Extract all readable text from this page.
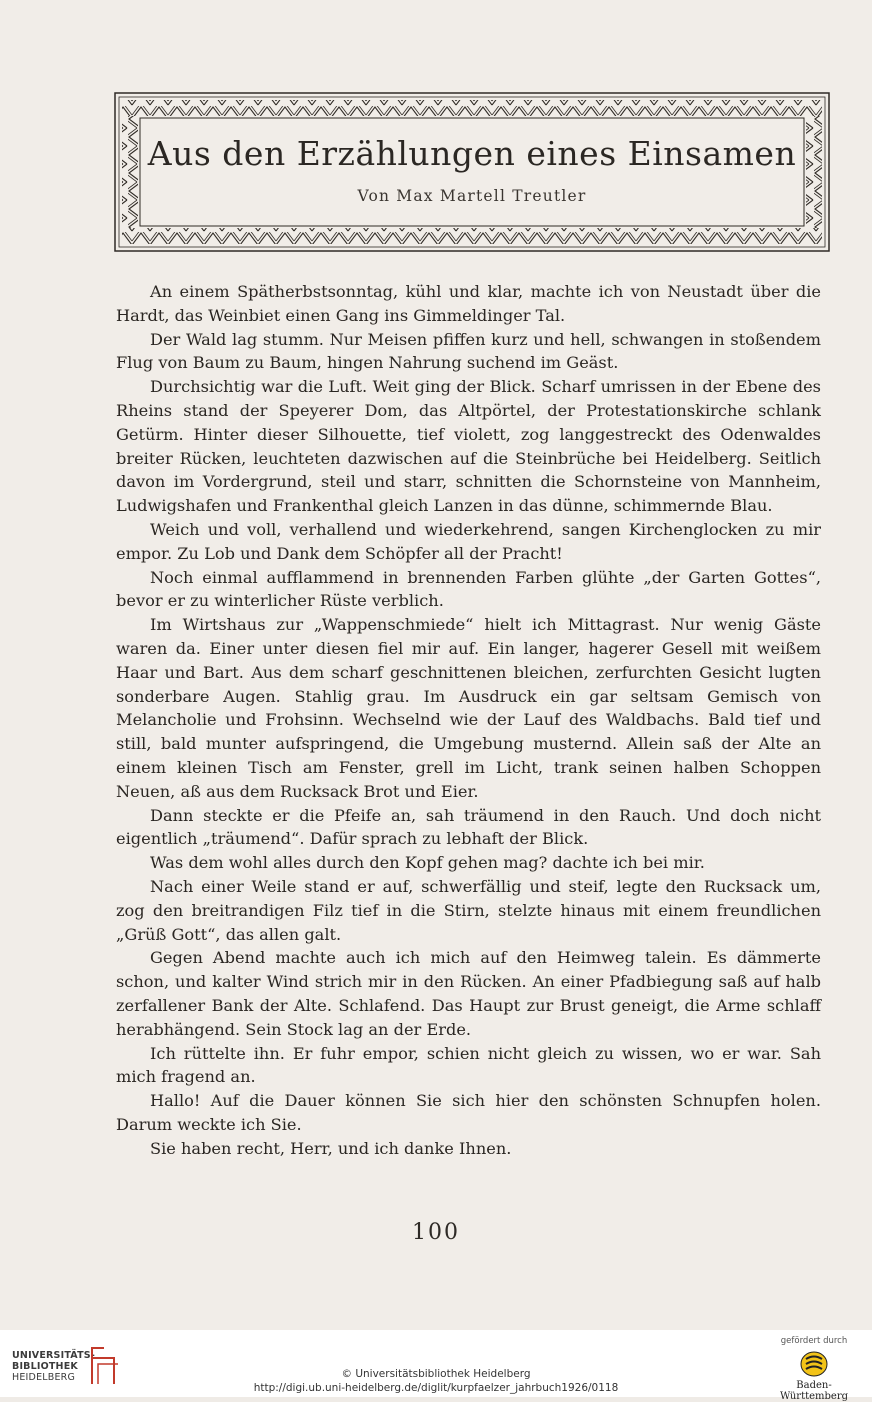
Aus den Erzählungen eines Einsamen
Von Max Martell Treutler

An einem Spätherbstsonntag, kühl und klar, machte ich von Neustadt über die Hardt, das Weinbiet einen Gang ins Gimmeldinger Tal.

Der Wald lag stumm. Nur Meisen pfiffen kurz und hell, schwangen in stoßendem Flug von Baum zu Baum, hingen Nahrung suchend im Geäst.

Durchsichtig war die Luft. Weit ging der Blick. Scharf umrissen in der Ebene des Rheins stand der Speyerer Dom, das Altpörtel, der Protestationskirche schlank Getürm. Hinter dieser Silhouette, tief violett, zog langgestreckt des Odenwaldes breiter Rücken, leuchteten dazwischen auf die Steinbrüche bei Heidelberg. Seitlich davon im Vordergrund, steil und starr, schnitten die Schornsteine von Mannheim, Ludwigshafen und Frankenthal gleich Lanzen in das dünne, schimmernde Blau.

Weich und voll, verhallend und wiederkehrend, sangen Kirchenglocken zu mir empor. Zu Lob und Dank dem Schöpfer all der Pracht!

Noch einmal aufflammend in brennenden Farben glühte „der Garten Gottes“, bevor er zu winterlicher Rüste verblich.

Im Wirtshaus zur „Wappenschmiede“ hielt ich Mittagrast. Nur wenig Gäste waren da. Einer unter diesen fiel mir auf. Ein langer, hagerer Gesell mit weißem Haar und Bart. Aus dem scharf geschnittenen bleichen, zerfurchten Gesicht lugten sonderbare Augen. Stahlig grau. Im Ausdruck ein gar seltsam Gemisch von Melancholie und Frohsinn. Wechselnd wie der Lauf des Waldbachs. Bald tief und still, bald munter aufspringend, die Umgebung musternd. Allein saß der Alte an einem kleinen Tisch am Fenster, grell im Licht, trank seinen halben Schoppen Neuen, aß aus dem Rucksack Brot und Eier.

Dann steckte er die Pfeife an, sah träumend in den Rauch. Und doch nicht eigentlich „träumend“. Dafür sprach zu lebhaft der Blick.

Was dem wohl alles durch den Kopf gehen mag? dachte ich bei mir.

Nach einer Weile stand er auf, schwerfällig und steif, legte den Rucksack um, zog den breitrandigen Filz tief in die Stirn, stelzte hinaus mit einem freundlichen „Grüß Gott“, das allen galt.

Gegen Abend machte auch ich mich auf den Heimweg talein. Es dämmerte schon, und kalter Wind strich mir in den Rücken. An einer Pfadbiegung saß auf halb zerfallener Bank der Alte. Schlafend. Das Haupt zur Brust geneigt, die Arme schlaff herabhängend. Sein Stock lag an der Erde.

Ich rüttelte ihn. Er fuhr empor, schien nicht gleich zu wissen, wo er war. Sah mich fragend an.

Hallo! Auf die Dauer können Sie sich hier den schönsten Schnupfen holen. Darum weckte ich Sie.

Sie haben recht, Herr, und ich danke Ihnen.

100
UNIVERSITÄTS-
BIBLIOTHEK
HEIDELBERG	© Universitätsbibliothek Heidelberg
http://digi.ub.uni-heidelberg.de/diglit/kurpfaelzer_jahrbuch1926/0118
gefördert durch
Baden-Württemberg
